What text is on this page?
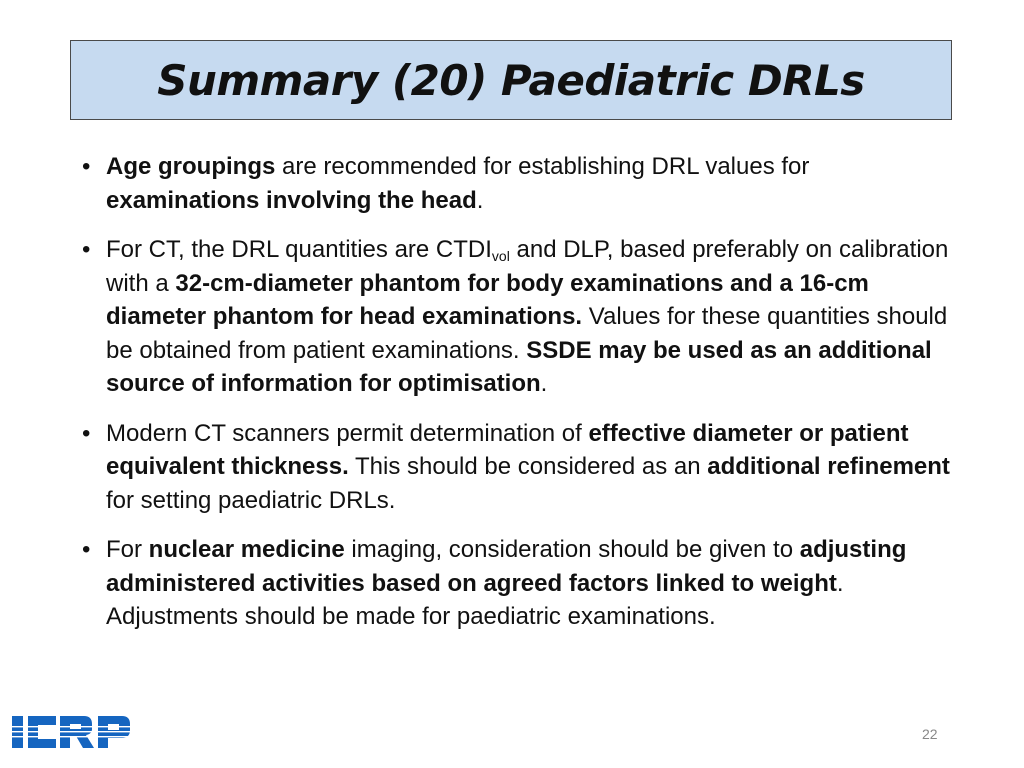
Summary (20) Paediatric DRLs
• Age groupings are recommended for establishing DRL values for examinations involving the head.
• For CT, the DRL quantities are $CTDI_{vol}$ and DLP, based preferably on calibration with a 32-cm-diameter phantom for body examinations and a 16-cm diameter phantom for head examinations. Values for these quantities should be obtained from patient examinations. SSDE may be used as an additional source of information for optimisation.
• Modern CT scanners permit determination of effective diameter or patient equivalent thickness. This should be considered as an additional refinement for setting paediatric DRLs.
• For nuclear medicine imaging, consideration should be given to adjusting administered activities based on agreed factors linked to weight. Adjustments should be made for paediatric examinations.
22
